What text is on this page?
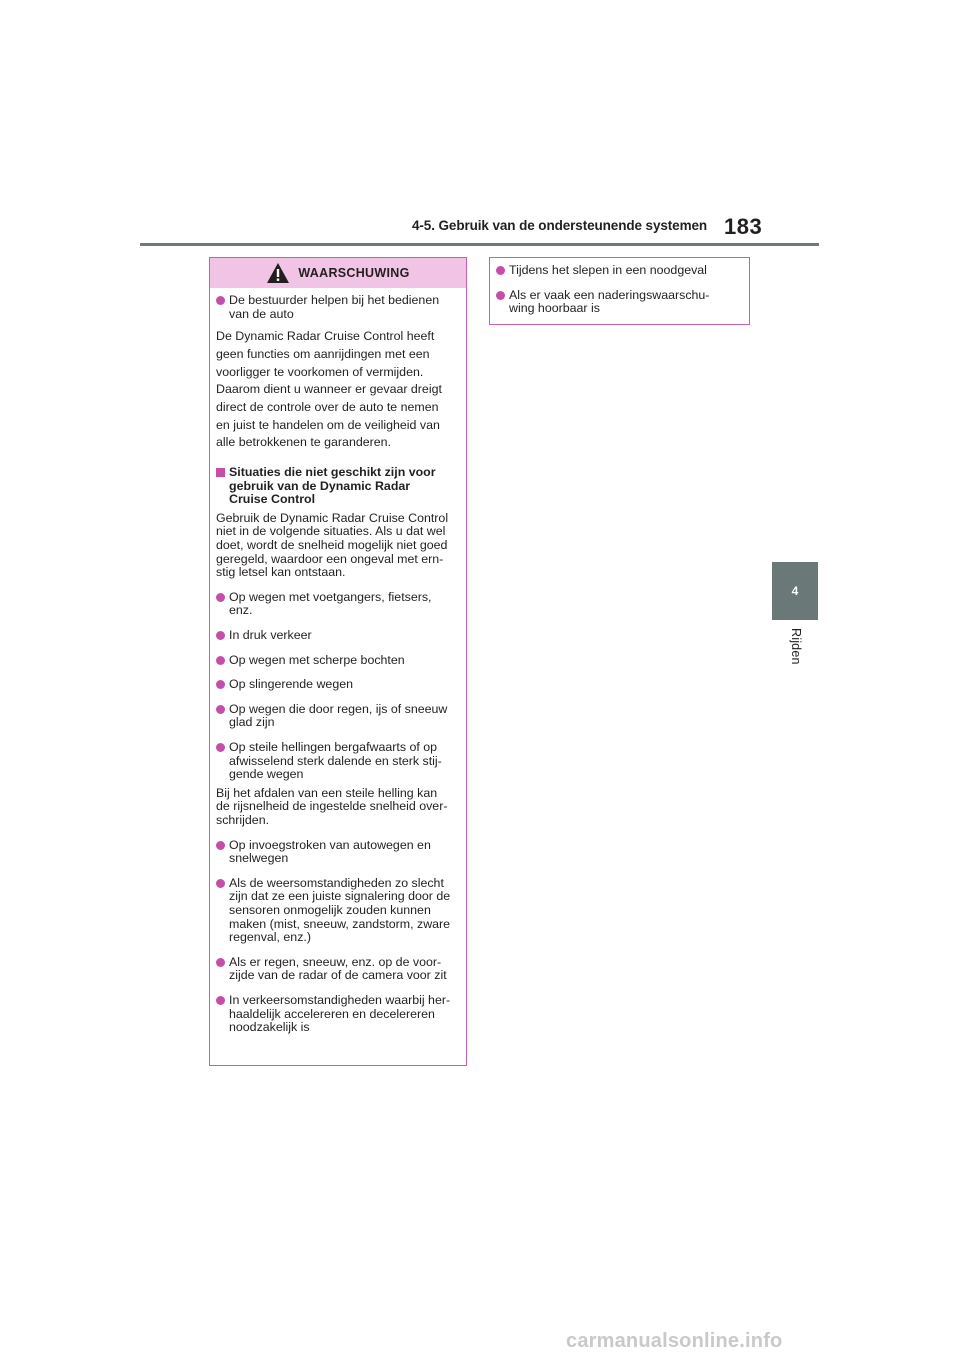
4-5. Gebruik van de ondersteunende systemen 183
4
Rijden
WAARSCHUWING
De bestuurder helpen bij het bedienen
van de auto
De Dynamic Radar Cruise Control heeft
geen functies om aanrijdingen met een
voorligger te voorkomen of vermijden.
Daarom dient u wanneer er gevaar dreigt
direct de controle over de auto te nemen
en juist te handelen om de veiligheid van
alle betrokkenen te garanderen.
Situaties die niet geschikt zijn voor
gebruik van de Dynamic Radar
Cruise Control
Gebruik de Dynamic Radar Cruise Control
niet in de volgende situaties. Als u dat wel
doet, wordt de snelheid mogelijk niet goed
geregeld, waardoor een ongeval met ern-
stig letsel kan ontstaan.
Op wegen met voetgangers, fietsers,
enz.
In druk verkeer
Op wegen met scherpe bochten
Op slingerende wegen
Op wegen die door regen, ijs of sneeuw
glad zijn
Op steile hellingen bergafwaarts of op
afwisselend sterk dalende en sterk stij-
gende wegen
Bij het afdalen van een steile helling kan
de rijsnelheid de ingestelde snelheid over-
schrijden.
Op invoegstroken van autowegen en
snelwegen
Als de weersomstandigheden zo slecht
zijn dat ze een juiste signalering door de
sensoren onmogelijk zouden kunnen
maken (mist, sneeuw, zandstorm, zware
regenval, enz.)
Als er regen, sneeuw, enz. op de voor-
zijde van de radar of de camera voor zit
In verkeersomstandigheden waarbij her-
haaldelijk accelereren en decelereren
noodzakelijk is
Tijdens het slepen in een noodgeval
Als er vaak een naderingswaarschu-
wing hoorbaar is
carmanualsonline.info
